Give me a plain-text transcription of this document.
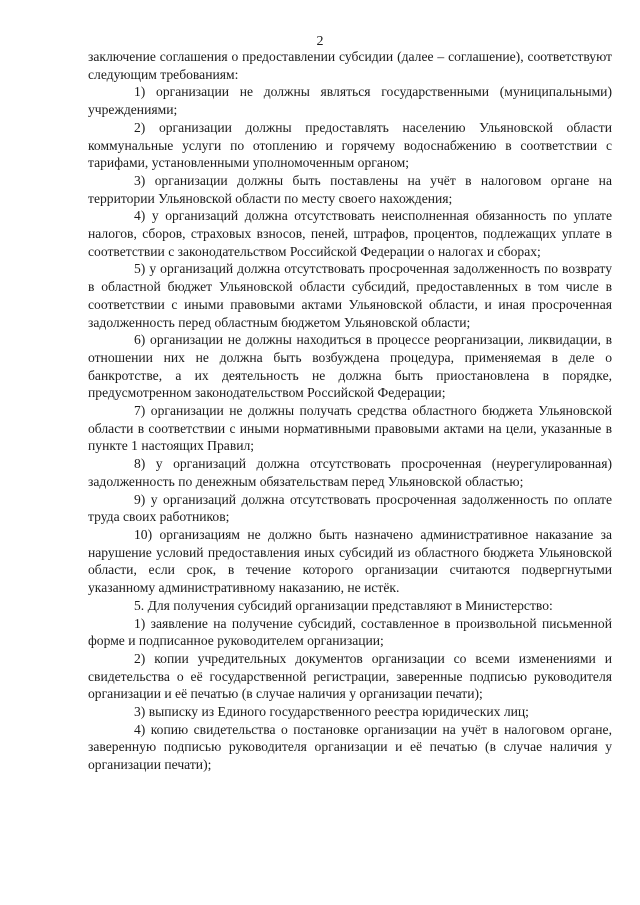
2

заключение соглашения о предоставлении субсидии (далее – соглашение), соответствуют следующим требованиям:

1) организации не должны являться государственными (муниципальными) учреждениями;

2) организации должны предоставлять населению Ульяновской области коммунальные услуги по отоплению и горячему водоснабжению в соответствии с тарифами, установленными уполномоченным органом;

3) организации должны быть поставлены на учёт в налоговом органе на территории Ульяновской области по месту своего нахождения;

4) у организаций должна отсутствовать неисполненная обязанность по уплате налогов, сборов, страховых взносов, пеней, штрафов, процентов, подлежащих уплате в соответствии с законодательством Российской Федерации о налогах и сборах;

5) у организаций должна отсутствовать просроченная задолженность по возврату в областной бюджет Ульяновской области субсидий, предоставленных в том числе в соответствии с иными правовыми актами Ульяновской области, и иная просроченная задолженность перед областным бюджетом Ульяновской области;

6) организации не должны находиться в процессе реорганизации, ликвидации, в отношении них не должна быть возбуждена процедура, применяемая в деле о банкротстве, а их деятельность не должна быть приостановлена в порядке, предусмотренном законодательством Российской Федерации;

7) организации не должны получать средства областного бюджета Ульяновской области в соответствии с иными нормативными правовыми актами на цели, указанные в пункте 1 настоящих Правил;

8) у организаций должна отсутствовать просроченная (неурегулированная) задолженность по денежным обязательствам перед Ульяновской областью;

9) у организаций должна отсутствовать просроченная задолженность по оплате труда своих работников;

10) организациям не должно быть назначено административное наказание за нарушение условий предоставления иных субсидий из областного бюджета Ульяновской области, если срок, в течение которого организации считаются подвергнутыми указанному административному наказанию, не истёк.

5. Для получения субсидий организации представляют в Министерство:

1) заявление на получение субсидий, составленное в произвольной письменной форме и подписанное руководителем организации;

2) копии учредительных документов организации со всеми изменениями и свидетельства о её государственной регистрации, заверенные подписью руководителя организации и её печатью (в случае наличия у организации печати);

3) выписку из Единого государственного реестра юридических лиц;

4) копию свидетельства о постановке организации на учёт в налоговом органе, заверенную подписью руководителя организации и её печатью (в случае наличия у организации печати);
